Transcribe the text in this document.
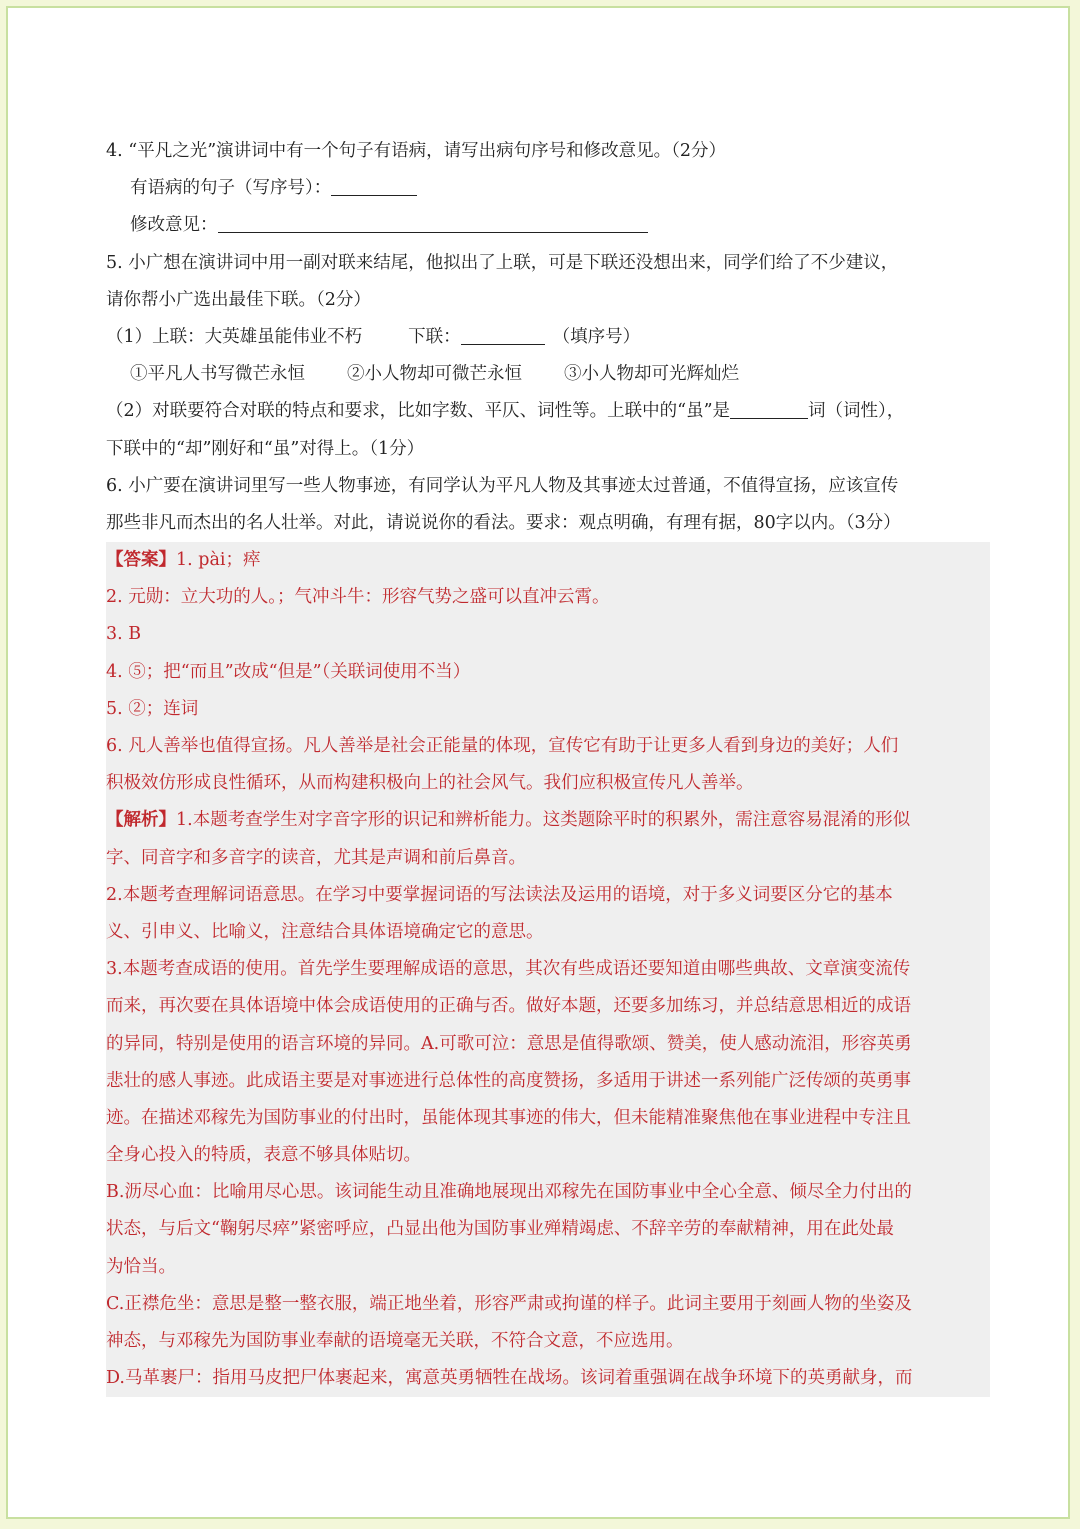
4. “平凡之光”演讲词中有一个句子有语病，请写出病句序号和修改意见。（2分）
有语病的句子（写序号）：
修改意见：
5. 小广想在演讲词中用一副对联来结尾，他拟出了上联，可是下联还没想出来，同学们给了不少建议，
请你帮小广选出最佳下联。（2分）
（1）上联：大英雄虽能伟业不朽	下联：	（填序号）
①平凡人书写微芒永恒 ②小人物却可微芒永恒 ③小人物却可光辉灿烂
（2）对联要符合对联的特点和要求，比如字数、平仄、词性等。上联中的“虽”是	词（词性），
下联中的“却”刚好和“虽”对得上。（1分）
6. 小广要在演讲词里写一些人物事迹，有同学认为平凡人物及其事迹太过普通，不值得宣扬，应该宣传
那些非凡而杰出的名人壮举。对此，请说说你的看法。要求：观点明确，有理有据，80字以内。（3分）
【答案】1. pài；瘁
2. 元勋：立大功的人。；气冲斗牛：形容气势之盛可以直冲云霄。
3. B
4. ⑤；把“而且”改成“但是”（关联词使用不当）
5. ②；连词
6. 凡人善举也值得宣扬。凡人善举是社会正能量的体现，宣传它有助于让更多人看到身边的美好；人们
积极效仿形成良性循环，从而构建积极向上的社会风气。我们应积极宣传凡人善举。
【解析】1.本题考查学生对字音字形的识记和辨析能力。这类题除平时的积累外，需注意容易混淆的形似
字、同音字和多音字的读音，尤其是声调和前后鼻音。
2.本题考查理解词语意思。在学习中要掌握词语的写法读法及运用的语境，对于多义词要区分它的基本
义、引申义、比喻义，注意结合具体语境确定它的意思。
3.本题考查成语的使用。首先学生要理解成语的意思，其次有些成语还要知道由哪些典故、文章演变流传
而来，再次要在具体语境中体会成语使用的正确与否。做好本题，还要多加练习，并总结意思相近的成语
的异同，特别是使用的语言环境的异同。A.可歌可泣：意思是值得歌颂、赞美，使人感动流泪，形容英勇
悲壮的感人事迹。此成语主要是对事迹进行总体性的高度赞扬，多适用于讲述一系列能广泛传颂的英勇事
迹。在描述邓稼先为国防事业的付出时，虽能体现其事迹的伟大，但未能精准聚焦他在事业进程中专注且
全身心投入的特质，表意不够具体贴切。
B.沥尽心血：比喻用尽心思。该词能生动且准确地展现出邓稼先在国防事业中全心全意、倾尽全力付出的
状态，与后文“鞠躬尽瘁”紧密呼应，凸显出他为国防事业殚精竭虑、不辞辛劳的奉献精神，用在此处最
为恰当。
C.正襟危坐：意思是整一整衣服，端正地坐着，形容严肃或拘谨的样子。此词主要用于刻画人物的坐姿及
神态，与邓稼先为国防事业奉献的语境毫无关联，不符合文意，不应选用。
D.马革裹尸：指用马皮把尸体裹起来，寓意英勇牺牲在战场。该词着重强调在战争环境下的英勇献身，而
